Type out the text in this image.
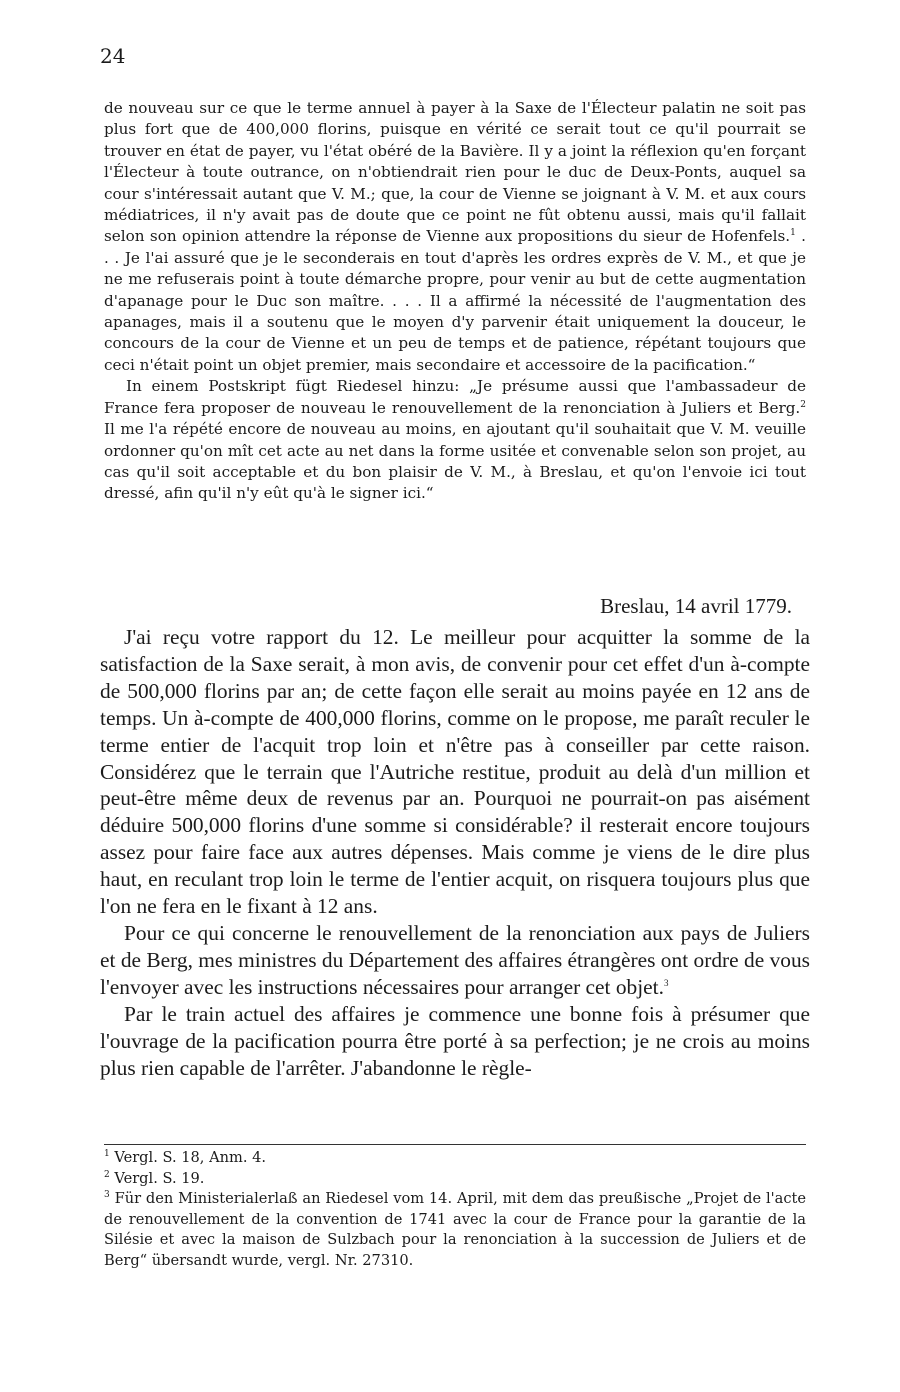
24

de nouveau sur ce que le terme annuel à payer à la Saxe de l'Électeur palatin ne soit pas plus fort que de 400,000 florins, puisque en vérité ce serait tout ce qu'il pourrait se trouver en état de payer, vu l'état obéré de la Bavière. Il y a joint la réflexion qu'en forçant l'Électeur à toute outrance, on n'obtiendrait rien pour le duc de Deux-Ponts, auquel sa cour s'intéressait autant que V. M.; que, la cour de Vienne se joignant à V. M. et aux cours médiatrices, il n'y avait pas de doute que ce point ne fût obtenu aussi, mais qu'il fallait selon son opinion attendre la réponse de Vienne aux propositions du sieur de Hofenfels.$^1$ . . . Je l'ai assuré que je le seconderais en tout d'après les ordres exprès de V. M., et que je ne me refuserais point à toute démarche propre, pour venir au but de cette augmentation d'apanage pour le Duc son maître. . . . Il a affirmé la nécessité de l'augmentation des apanages, mais il a soutenu que le moyen d'y parvenir était uniquement la douceur, le concours de la cour de Vienne et un peu de temps et de patience, répétant toujours que ceci n'était point un objet premier, mais secondaire et accessoire de la pacification.“

In einem Postskript fügt Riedesel hinzu: „Je présume aussi que l'ambassadeur de France fera proposer de nouveau le renouvellement de la renonciation à Juliers et Berg.$^2$ Il me l'a répété encore de nouveau au moins, en ajoutant qu'il souhaitait que V. M. veuille ordonner qu'on mît cet acte au net dans la forme usitée et convenable selon son projet, au cas qu'il soit acceptable et du bon plaisir de V. M., à Breslau, et qu'on l'envoie ici tout dressé, afin qu'il n'y eût qu'à le signer ici.“

Breslau, 14 avril 1779.

J'ai reçu votre rapport du 12. Le meilleur pour acquitter la somme de la satisfaction de la Saxe serait, à mon avis, de convenir pour cet effet d'un à-compte de 500,000 florins par an; de cette façon elle serait au moins payée en 12 ans de temps. Un à-compte de 400,000 florins, comme on le propose, me paraît reculer le terme entier de l'acquit trop loin et n'être pas à conseiller par cette raison. Considérez que le terrain que l'Autriche restitue, produit au delà d'un million et peut-être même deux de revenus par an. Pourquoi ne pourrait-on pas aisément déduire 500,000 florins d'une somme si considérable? il resterait encore toujours assez pour faire face aux autres dépenses. Mais comme je viens de le dire plus haut, en reculant trop loin le terme de l'entier acquit, on risquera toujours plus que l'on ne fera en le fixant à 12 ans.

Pour ce qui concerne le renouvellement de la renonciation aux pays de Juliers et de Berg, mes ministres du Département des affaires étrangères ont ordre de vous l'envoyer avec les instructions nécessaires pour arranger cet objet.$^3$

Par le train actuel des affaires je commence une bonne fois à présumer que l'ouvrage de la pacification pourra être porté à sa perfection; je ne crois au moins plus rien capable de l'arrêter. J'abandonne le règle-

$^1$ Vergl. S. 18, Anm. 4.

$^2$ Vergl. S. 19.

$^3$ Für den Ministerialerlaß an Riedesel vom 14. April, mit dem das preußische „Projet de l'acte de renouvellement de la convention de 1741 avec la cour de France pour la garantie de la Silésie et avec la maison de Sulzbach pour la renonciation à la succession de Juliers et de Berg“ übersandt wurde, vergl. Nr. 27310.
